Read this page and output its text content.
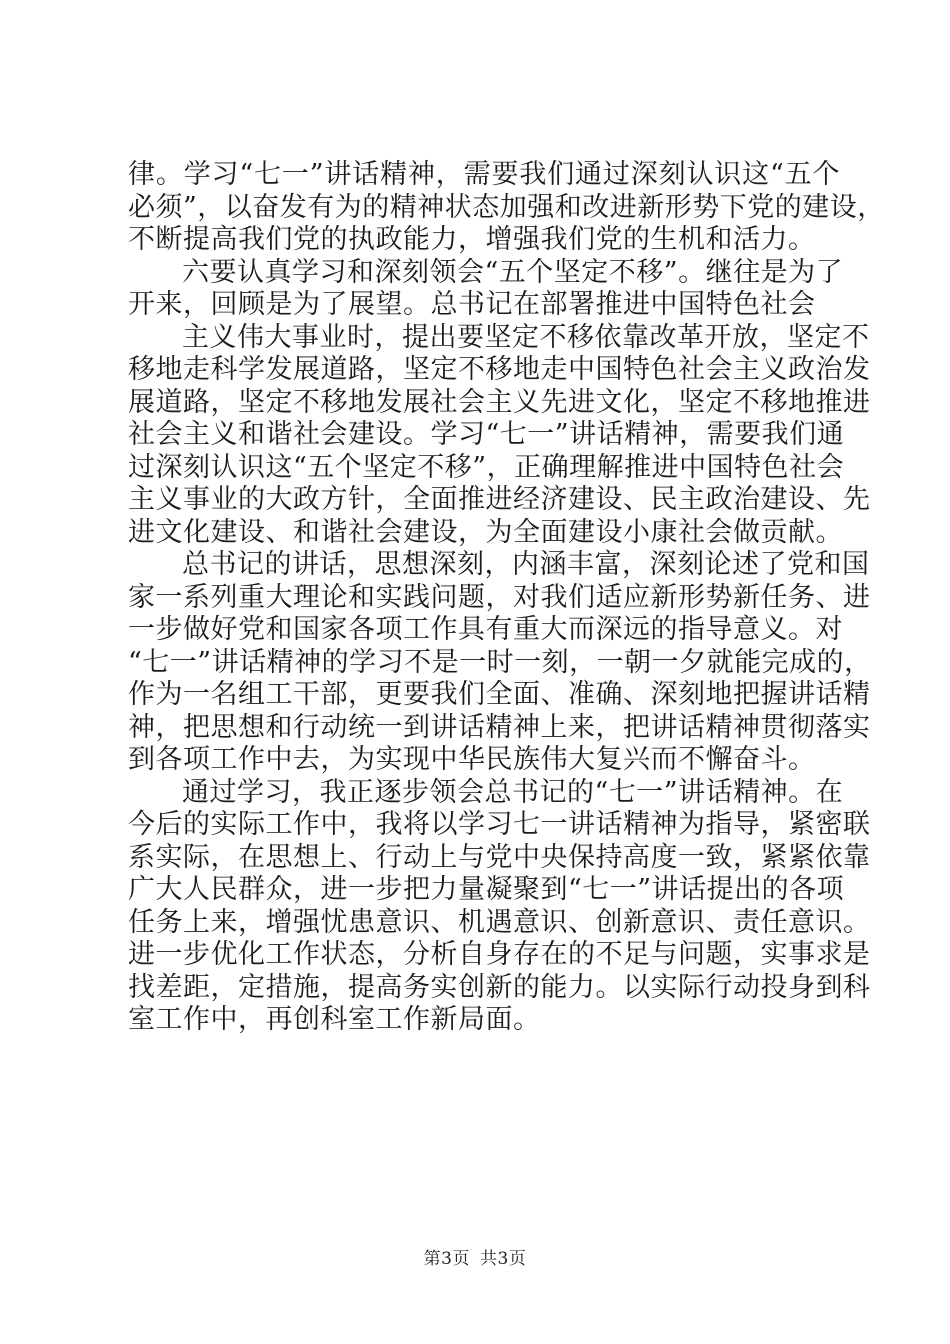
律。学习“七一”讲话精神，需要我们通过深刻认识这“五个
必须”，以奋发有为的精神状态加强和改进新形势下党的建设，
不断提高我们党的执政能力，增强我们党的生机和活力。
六要认真学习和深刻领会“五个坚定不移”。继往是为了
开来，回顾是为了展望。总书记在部署推进中国特色社会
主义伟大事业时，提出要坚定不移依靠改革开放，坚定不
移地走科学发展道路，坚定不移地走中国特色社会主义政治发
展道路，坚定不移地发展社会主义先进文化，坚定不移地推进
社会主义和谐社会建设。学习“七一”讲话精神，需要我们通
过深刻认识这“五个坚定不移”，正确理解推进中国特色社会
主义事业的大政方针，全面推进经济建设、民主政治建设、先
进文化建设、和谐社会建设，为全面建设小康社会做贡献。
总书记的讲话，思想深刻，内涵丰富，深刻论述了党和国
家一系列重大理论和实践问题，对我们适应新形势新任务、进
一步做好党和国家各项工作具有重大而深远的指导意义。对
“七一”讲话精神的学习不是一时一刻，一朝一夕就能完成的，
作为一名组工干部，更要我们全面、准确、深刻地把握讲话精
神，把思想和行动统一到讲话精神上来，把讲话精神贯彻落实
到各项工作中去，为实现中华民族伟大复兴而不懈奋斗。
通过学习，我正逐步领会总书记的“七一”讲话精神。在
今后的实际工作中，我将以学习七一讲话精神为指导，紧密联
系实际，在思想上、行动上与党中央保持高度一致，紧紧依靠
广大人民群众，进一步把力量凝聚到“七一”讲话提出的各项
任务上来，增强忧患意识、机遇意识、创新意识、责任意识。
进一步优化工作状态，分析自身存在的不足与问题，实事求是
找差距，定措施，提高务实创新的能力。以实际行动投身到科
室工作中，再创科室工作新局面。
第3页 共3页
